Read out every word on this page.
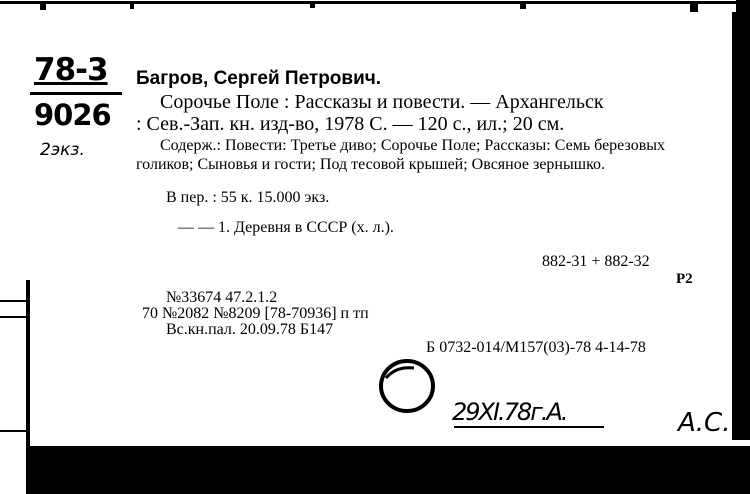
78-3
9026
2экз.
Багров, Сергей Петрович.
Сорочье Поле : Рассказы и повести. — Архангельск
: Сев.-Зап. кн. изд-во, 1978 С. — 120 с., ил.; 20 см.
Содерж.: Повести: Третье диво; Сорочье Поле; Рассказы: Семь березовых голиков; Сыновья и гости; Под тесовой крышей; Овсяное зернышко.
В пер. : 55 к. 15.000 экз.
— — 1. Деревня в СССР (х. л.).
882-31 + 882-32
Р2
№33674 47.2.1.2
70 №2082 №8209 [78-70936] п тп
Вс.кн.пал. 20.09.78 Б147
Б 0732-014/М157(03)-78 4-14-78
29XI.78г.А.	А.С.
